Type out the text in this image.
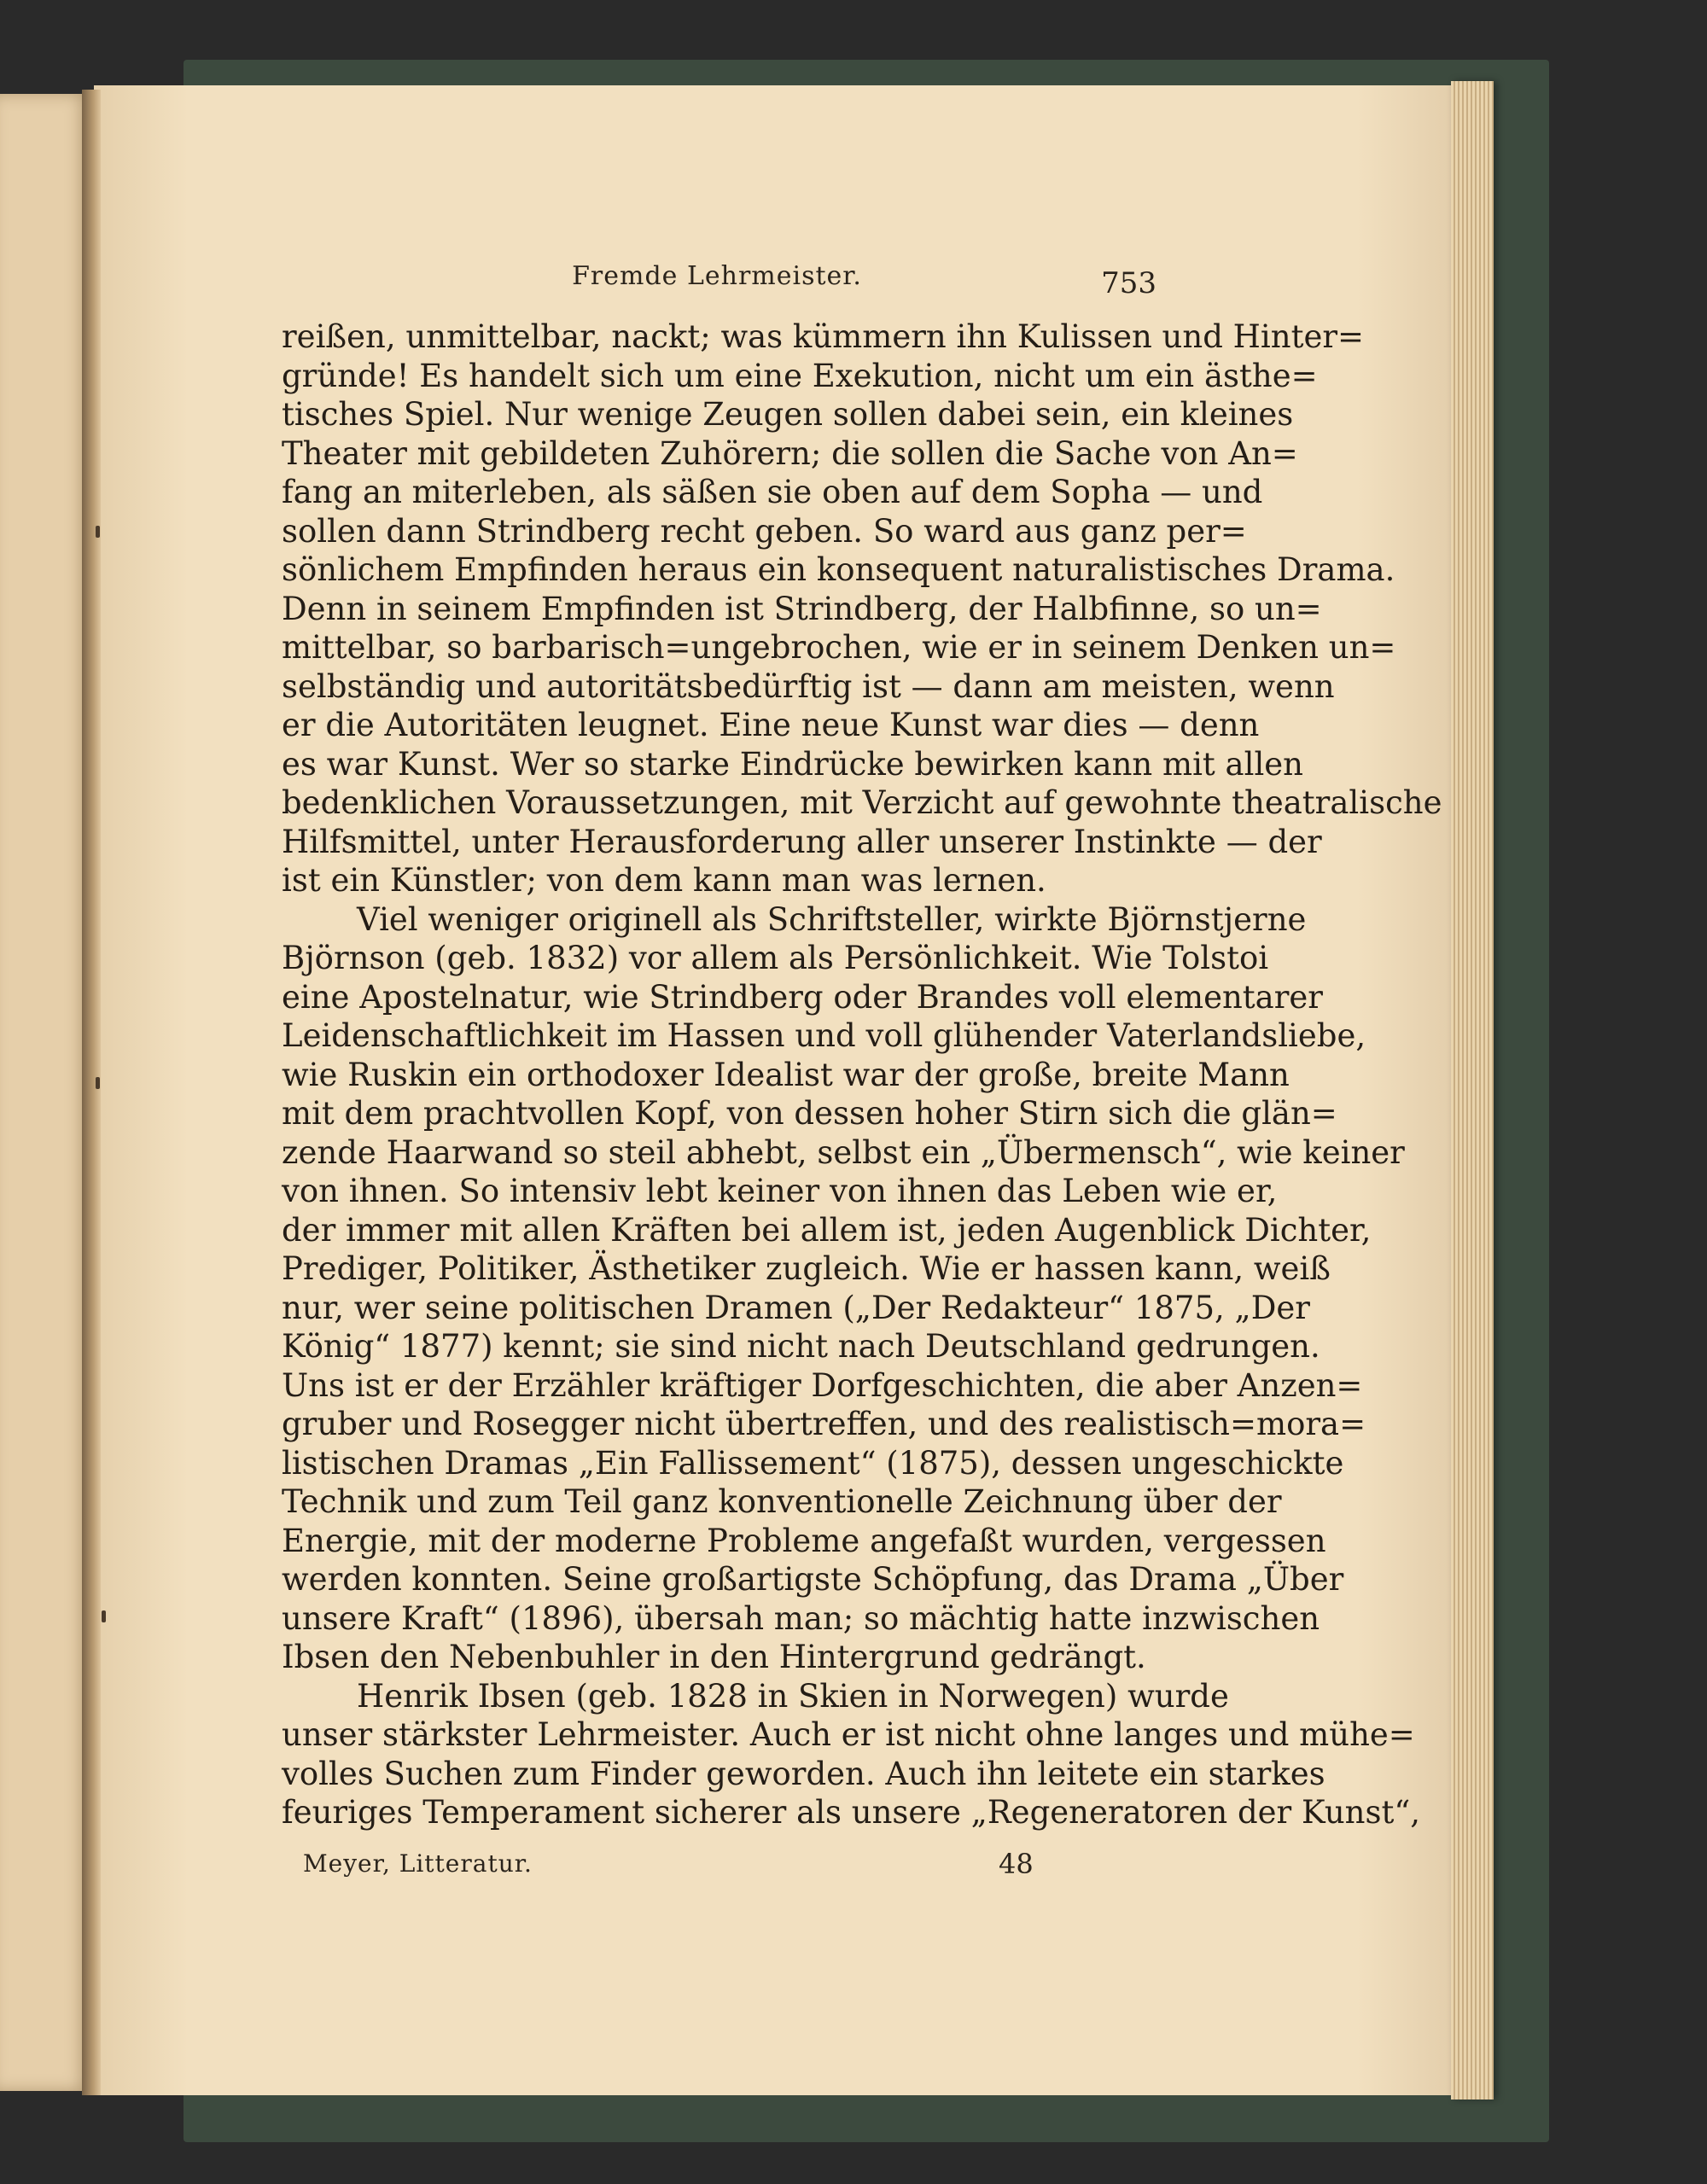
Fremde Lehrmeister.	753
reißen, unmittelbar, nackt; was kümmern ihn Kulissen und Hinter=
gründe! Es handelt sich um eine Exekution, nicht um ein ästhe=
tisches Spiel. Nur wenige Zeugen sollen dabei sein, ein kleines
Theater mit gebildeten Zuhörern; die sollen die Sache von An=
fang an miterleben, als säßen sie oben auf dem Sopha — und
sollen dann Strindberg recht geben. So ward aus ganz per=
sönlichem Empfinden heraus ein konsequent naturalistisches Drama.
Denn in seinem Empfinden ist Strindberg, der Halbfinne, so un=
mittelbar, so barbarisch=ungebrochen, wie er in seinem Denken un=
selbständig und autoritätsbedürftig ist — dann am meisten, wenn
er die Autoritäten leugnet. Eine neue Kunst war dies — denn
es war Kunst. Wer so starke Eindrücke bewirken kann mit allen
bedenklichen Voraussetzungen, mit Verzicht auf gewohnte theatralische
Hilfsmittel, unter Herausforderung aller unserer Instinkte — der
ist ein Künstler; von dem kann man was lernen.
Viel weniger originell als Schriftsteller, wirkte Björnstjerne
Björnson (geb. 1832) vor allem als Persönlichkeit. Wie Tolstoi
eine Apostelnatur, wie Strindberg oder Brandes voll elementarer
Leidenschaftlichkeit im Hassen und voll glühender Vaterlandsliebe,
wie Ruskin ein orthodoxer Idealist war der große, breite Mann
mit dem prachtvollen Kopf, von dessen hoher Stirn sich die glän=
zende Haarwand so steil abhebt, selbst ein „Übermensch“, wie keiner
von ihnen. So intensiv lebt keiner von ihnen das Leben wie er,
der immer mit allen Kräften bei allem ist, jeden Augenblick Dichter,
Prediger, Politiker, Ästhetiker zugleich. Wie er hassen kann, weiß
nur, wer seine politischen Dramen („Der Redakteur“ 1875, „Der
König“ 1877) kennt; sie sind nicht nach Deutschland gedrungen.
Uns ist er der Erzähler kräftiger Dorfgeschichten, die aber Anzen=
gruber und Rosegger nicht übertreffen, und des realistisch=mora=
listischen Dramas „Ein Fallissement“ (1875), dessen ungeschickte
Technik und zum Teil ganz konventionelle Zeichnung über der
Energie, mit der moderne Probleme angefaßt wurden, vergessen
werden konnten. Seine großartigste Schöpfung, das Drama „Über
unsere Kraft“ (1896), übersah man; so mächtig hatte inzwischen
Ibsen den Nebenbuhler in den Hintergrund gedrängt.
Henrik Ibsen (geb. 1828 in Skien in Norwegen) wurde
unser stärkster Lehrmeister. Auch er ist nicht ohne langes und mühe=
volles Suchen zum Finder geworden. Auch ihn leitete ein starkes
feuriges Temperament sicherer als unsere „Regeneratoren der Kunst“,
Meyer, Litteratur.	48
